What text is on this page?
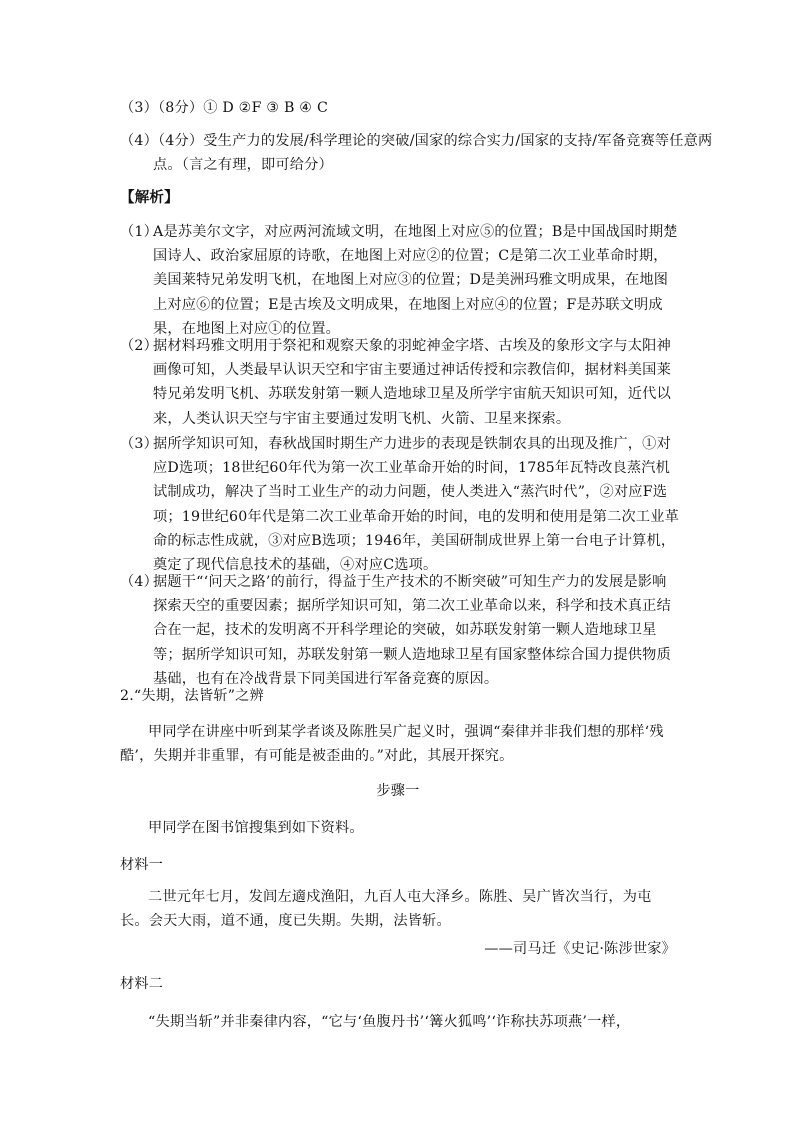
（3）（8分）① D ②F ③ B ④ C
（4）（4分）受生产力的发展/科学理论的突破/国家的综合实力/国家的支持/军备竞赛等任意两点。（言之有理，即可给分）
【解析】
（1）
A是苏美尔文字，对应两河流域文明，在地图上对应⑤的位置；B是中国战国时期楚国诗人、政治家屈原的诗歌，在地图上对应②的位置；C是第二次工业革命时期，美国莱特兄弟发明飞机，在地图上对应③的位置；D是美洲玛雅文明成果，在地图上对应⑥的位置；E是古埃及文明成果，在地图上对应④的位置；F是苏联文明成果，在地图上对应①的位置。
（2）
据材料玛雅文明用于祭祀和观察天象的羽蛇神金字塔、古埃及的象形文字与太阳神画像可知，人类最早认识天空和宇宙主要通过神话传授和宗教信仰，据材料美国莱特兄弟发明飞机、苏联发射第一颗人造地球卫星及所学宇宙航天知识可知，近代以来，人类认识天空与宇宙主要通过发明飞机、火箭、卫星来探索。
（3）
据所学知识可知，春秋战国时期生产力进步的表现是铁制农具的出现及推广，①对应D选项；18世纪60年代为第一次工业革命开始的时间，1785年瓦特改良蒸汽机试制成功，解决了当时工业生产的动力问题，使人类进入“蒸汽时代”，②对应F选项；19世纪60年代是第二次工业革命开始的时间，电的发明和使用是第二次工业革命的标志性成就，③对应B选项；1946年，美国研制成世界上第一台电子计算机，奠定了现代信息技术的基础，④对应C选项。
（4）
据题干“‘问天之路’的前行，得益于生产技术的不断突破”可知生产力的发展是影响探索天空的重要因素；据所学知识可知，第二次工业革命以来，科学和技术真正结合在一起，技术的发明离不开科学理论的突破，如苏联发射第一颗人造地球卫星等；据所学知识可知，苏联发射第一颗人造地球卫星有国家整体综合国力提供物质基础，也有在冷战背景下同美国进行军备竞赛的原因。
2.“失期，法皆斩”之辨
甲同学在讲座中听到某学者谈及陈胜吴广起义时，强调“秦律并非我们想的那样‘残酷’，失期并非重罪，有可能是被歪曲的。”对此，其展开探究。
步骤一
甲同学在图书馆搜集到如下资料。
材料一
二世元年七月，发闾左適戍渔阳，九百人屯大泽乡。陈胜、吴广皆次当行，为屯长。会天大雨，道不通，度已失期。失期，法皆斩。
——司马迁《史记·陈涉世家》
材料二
“失期当斩”并非秦律内容，“它与‘鱼腹丹书’‘篝火狐鸣’‘诈称扶苏项燕’一样，
